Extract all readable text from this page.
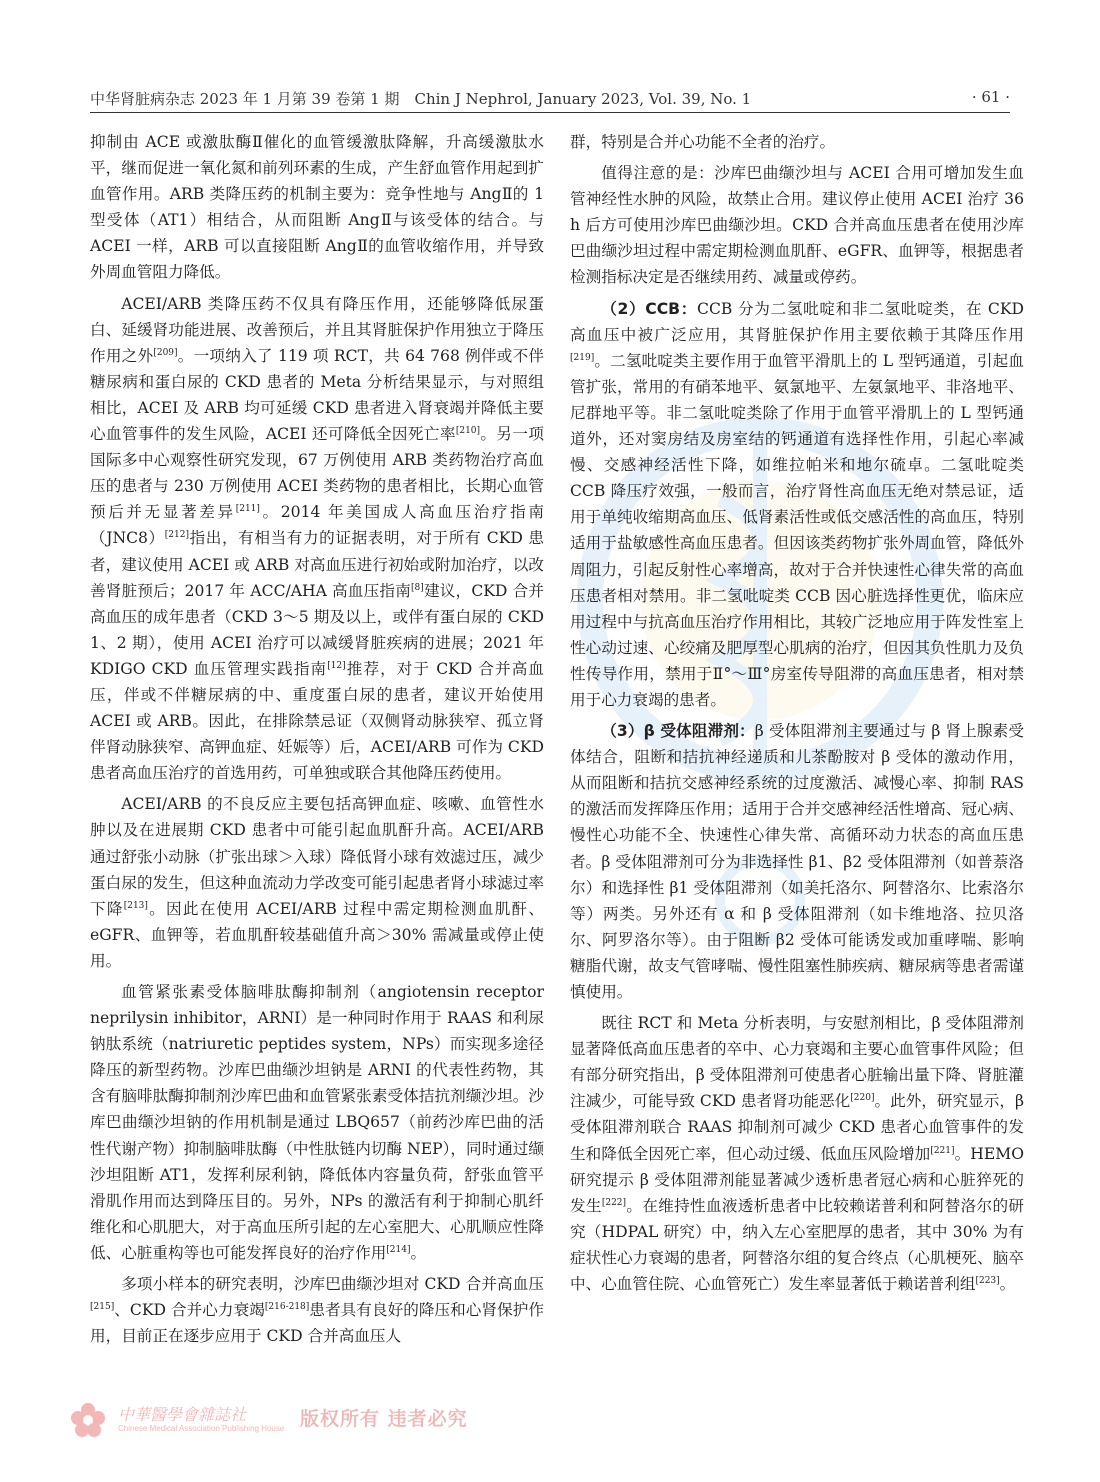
中华肾脏病杂志 2023 年 1 月第 39 卷第 1 期　Chin J Nephrol, January 2023, Vol. 39, No. 1	· 61 ·

抑制由 ACE 或激肽酶Ⅱ催化的血管缓激肽降解，升高缓激肽水平，继而促进一氧化氮和前列环素的生成，产生舒血管作用起到扩血管作用。ARB 类降压药的机制主要为：竞争性地与 AngⅡ的 1 型受体（AT1）相结合，从而阻断 AngⅡ与该受体的结合。与 ACEI 一样，ARB 可以直接阻断 AngⅡ的血管收缩作用，并导致外周血管阻力降低。

ACEI/ARB 类降压药不仅具有降压作用，还能够降低尿蛋白、延缓肾功能进展、改善预后，并且其肾脏保护作用独立于降压作用之外[209]。一项纳入了 119 项 RCT，共 64 768 例伴或不伴糖尿病和蛋白尿的 CKD 患者的 Meta 分析结果显示，与对照组相比，ACEI 及 ARB 均可延缓 CKD 患者进入肾衰竭并降低主要心血管事件的发生风险，ACEI 还可降低全因死亡率[210]。另一项国际多中心观察性研究发现，67 万例使用 ARB 类药物治疗高血压的患者与 230 万例使用 ACEI 类药物的患者相比，长期心血管预后并无显著差异[211]。2014 年美国成人高血压治疗指南（JNC8）[212]指出，有相当有力的证据表明，对于所有 CKD 患者，建议使用 ACEI 或 ARB 对高血压进行初始或附加治疗，以改善肾脏预后；2017 年 ACC/AHA 高血压指南[8]建议，CKD 合并高血压的成年患者（CKD 3～5 期及以上，或伴有蛋白尿的 CKD 1、2 期），使用 ACEI 治疗可以减缓肾脏疾病的进展；2021 年 KDIGO CKD 血压管理实践指南[12]推荐，对于 CKD 合并高血压，伴或不伴糖尿病的中、重度蛋白尿的患者，建议开始使用 ACEI 或 ARB。因此，在排除禁忌证（双侧肾动脉狭窄、孤立肾伴肾动脉狭窄、高钾血症、妊娠等）后，ACEI/ARB 可作为 CKD 患者高血压治疗的首选用药，可单独或联合其他降压药使用。

ACEI/ARB 的不良反应主要包括高钾血症、咳嗽、血管性水肿以及在进展期 CKD 患者中可能引起血肌酐升高。ACEI/ARB 通过舒张小动脉（扩张出球＞入球）降低肾小球有效滤过压，减少蛋白尿的发生，但这种血流动力学改变可能引起患者肾小球滤过率下降[213]。因此在使用 ACEI/ARB 过程中需定期检测血肌酐、eGFR、血钾等，若血肌酐较基础值升高＞30% 需减量或停止使用。

血管紧张素受体脑啡肽酶抑制剂（angiotensin receptor neprilysin inhibitor，ARNI）是一种同时作用于 RAAS 和利尿钠肽系统（natriuretic peptides system，NPs）而实现多途径降压的新型药物。沙库巴曲缬沙坦钠是 ARNI 的代表性药物，其含有脑啡肽酶抑制剂沙库巴曲和血管紧张素受体拮抗剂缬沙坦。沙库巴曲缬沙坦钠的作用机制是通过 LBQ657（前药沙库巴曲的活性代谢产物）抑制脑啡肽酶（中性肽链内切酶 NEP），同时通过缬沙坦阻断 AT1，发挥利尿利钠，降低体内容量负荷，舒张血管平滑肌作用而达到降压目的。另外，NPs 的激活有利于抑制心肌纤维化和心肌肥大，对于高血压所引起的左心室肥大、心肌顺应性降低、心脏重构等也可能发挥良好的治疗作用[214]。

多项小样本的研究表明，沙库巴曲缬沙坦对 CKD 合并高血压[215]、CKD 合并心力衰竭[216-218]患者具有良好的降压和心肾保护作用，目前正在逐步应用于 CKD 合并高血压人

群，特别是合并心功能不全者的治疗。

值得注意的是：沙库巴曲缬沙坦与 ACEI 合用可增加发生血管神经性水肿的风险，故禁止合用。建议停止使用 ACEI 治疗 36 h 后方可使用沙库巴曲缬沙坦。CKD 合并高血压患者在使用沙库巴曲缬沙坦过程中需定期检测血肌酐、eGFR、血钾等，根据患者检测指标决定是否继续用药、减量或停药。

（2）CCB：CCB 分为二氢吡啶和非二氢吡啶类，在 CKD 高血压中被广泛应用，其肾脏保护作用主要依赖于其降压作用[219]。二氢吡啶类主要作用于血管平滑肌上的 L 型钙通道，引起血管扩张，常用的有硝苯地平、氨氯地平、左氨氯地平、非洛地平、尼群地平等。非二氢吡啶类除了作用于血管平滑肌上的 L 型钙通道外，还对窦房结及房室结的钙通道有选择性作用，引起心率减慢、交感神经活性下降，如维拉帕米和地尔硫卓。二氢吡啶类 CCB 降压疗效强，一般而言，治疗肾性高血压无绝对禁忌证，适用于单纯收缩期高血压、低肾素活性或低交感活性的高血压，特别适用于盐敏感性高血压患者。但因该类药物扩张外周血管，降低外周阻力，引起反射性心率增高，故对于合并快速性心律失常的高血压患者相对禁用。非二氢吡啶类 CCB 因心脏选择性更优，临床应用过程中与抗高血压治疗作用相比，其较广泛地应用于阵发性室上性心动过速、心绞痛及肥厚型心肌病的治疗，但因其负性肌力及负性传导作用，禁用于Ⅱ°～Ⅲ°房室传导阻滞的高血压患者，相对禁用于心力衰竭的患者。

（3）β 受体阻滞剂：β 受体阻滞剂主要通过与 β 肾上腺素受体结合，阻断和拮抗神经递质和儿茶酚胺对 β 受体的激动作用，从而阻断和拮抗交感神经系统的过度激活、减慢心率、抑制 RAS 的激活而发挥降压作用；适用于合并交感神经活性增高、冠心病、慢性心功能不全、快速性心律失常、高循环动力状态的高血压患者。β 受体阻滞剂可分为非选择性 β1、β2 受体阻滞剂（如普萘洛尔）和选择性 β1 受体阻滞剂（如美托洛尔、阿替洛尔、比索洛尔等）两类。另外还有 α 和 β 受体阻滞剂（如卡维地洛、拉贝洛尔、阿罗洛尔等）。由于阻断 β2 受体可能诱发或加重哮喘、影响糖脂代谢，故支气管哮喘、慢性阻塞性肺疾病、糖尿病等患者需谨慎使用。

既往 RCT 和 Meta 分析表明，与安慰剂相比，β 受体阻滞剂显著降低高血压患者的卒中、心力衰竭和主要心血管事件风险；但有部分研究指出，β 受体阻滞剂可使患者心脏输出量下降、肾脏灌注减少，可能导致 CKD 患者肾功能恶化[220]。此外，研究显示，β 受体阻滞剂联合 RAAS 抑制剂可减少 CKD 患者心血管事件的发生和降低全因死亡率，但心动过缓、低血压风险增加[221]。HEMO 研究提示 β 受体阻滞剂能显著减少透析患者冠心病和心脏猝死的发生[222]。在维持性血液透析患者中比较赖诺普利和阿替洛尔的研究（HDPAL 研究）中，纳入左心室肥厚的患者，其中 30% 为有症状性心力衰竭的患者，阿替洛尔组的复合终点（心肌梗死、脑卒中、心血管住院、心血管死亡）发生率显著低于赖诺普利组[223]。

中華醫學會雜誌社
Chinese Medical Association Publishing House 版权所有 违者必究
